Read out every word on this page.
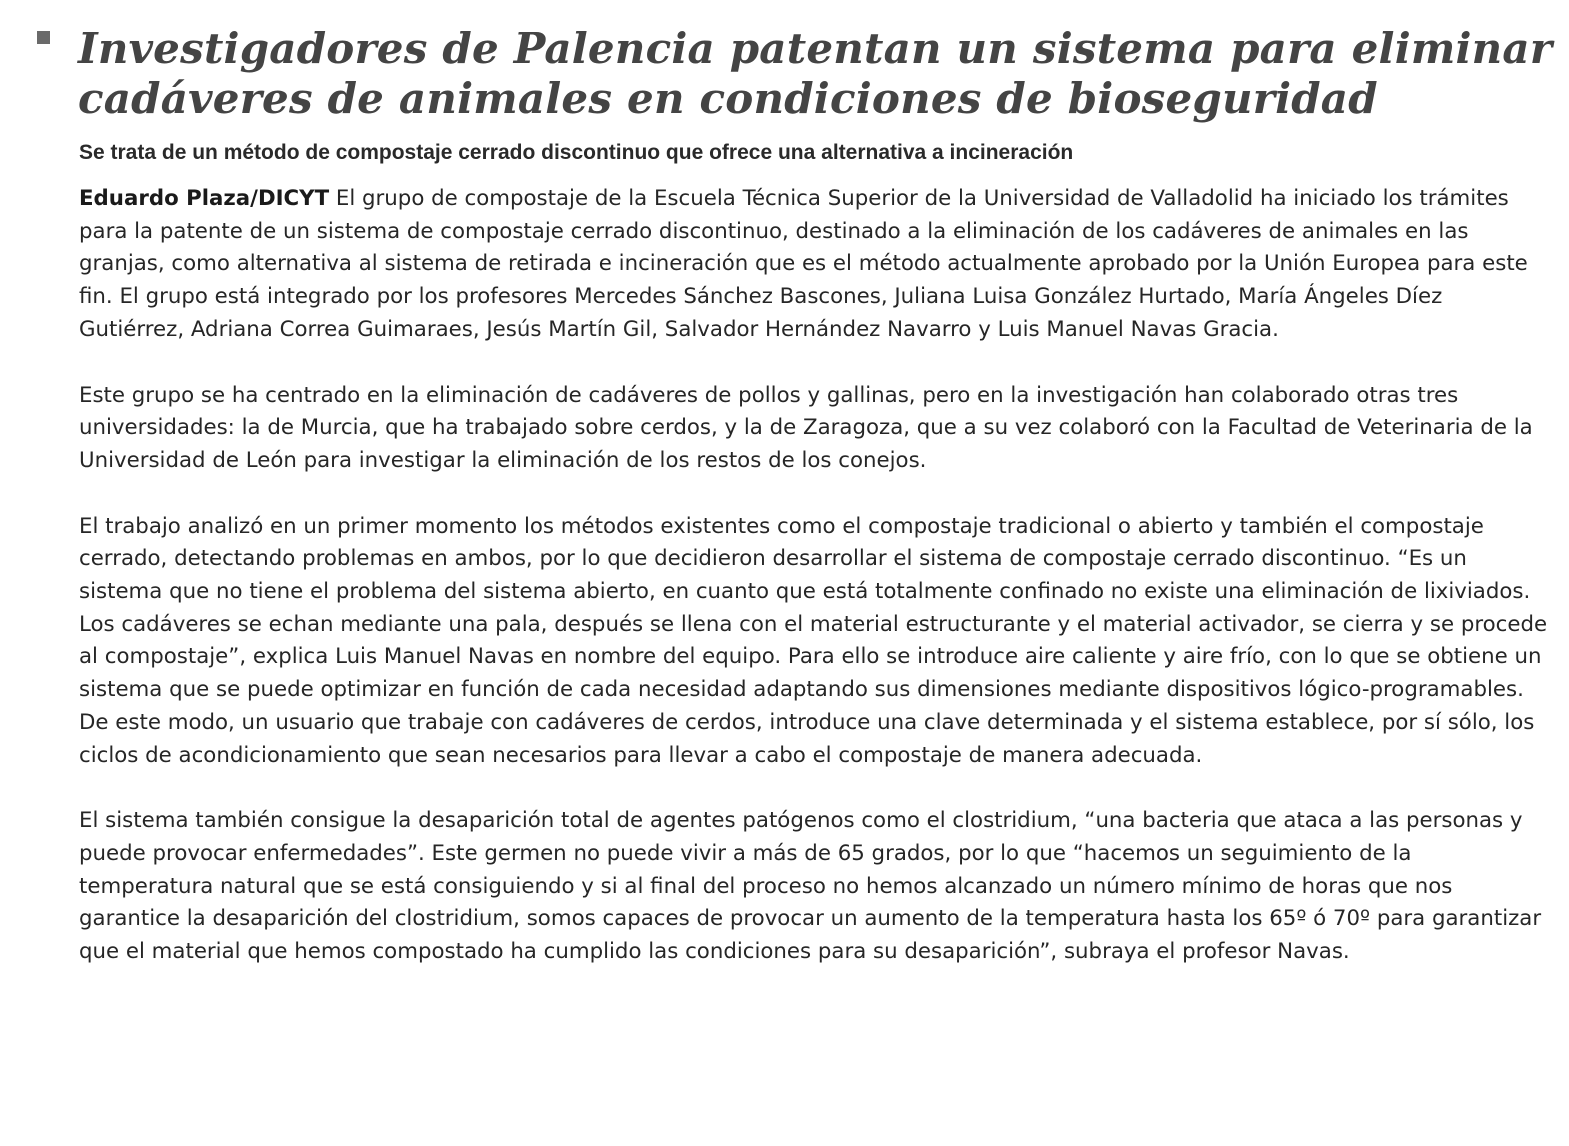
Investigadores de Palencia patentan un sistema para eliminar cadáveres de animales en condiciones de bioseguridad
Se trata de un método de compostaje cerrado discontinuo que ofrece una alternativa a incineración

Eduardo Plaza/DICYT El grupo de compostaje de la Escuela Técnica Superior de la Universidad de Valladolid ha iniciado los trámites para la patente de un sistema de compostaje cerrado discontinuo, destinado a la eliminación de los cadáveres de animales en las granjas, como alternativa al sistema de retirada e incineración que es el método actualmente aprobado por la Unión Europea para este fin. El grupo está integrado por los profesores Mercedes Sánchez Bascones, Juliana Luisa González Hurtado, María Ángeles Díez Gutiérrez, Adriana Correa Guimaraes, Jesús Martín Gil, Salvador Hernández Navarro y Luis Manuel Navas Gracia.

Este grupo se ha centrado en la eliminación de cadáveres de pollos y gallinas, pero en la investigación han colaborado otras tres universidades: la de Murcia, que ha trabajado sobre cerdos, y la de Zaragoza, que a su vez colaboró con la Facultad de Veterinaria de la Universidad de León para investigar la eliminación de los restos de los conejos.

El trabajo analizó en un primer momento los métodos existentes como el compostaje tradicional o abierto y también el compostaje cerrado, detectando problemas en ambos, por lo que decidieron desarrollar el sistema de compostaje cerrado discontinuo. “Es un sistema que no tiene el problema del sistema abierto, en cuanto que está totalmente confinado no existe una eliminación de lixiviados. Los cadáveres se echan mediante una pala, después se llena con el material estructurante y el material activador, se cierra y se procede al compostaje”, explica Luis Manuel Navas en nombre del equipo. Para ello se introduce aire caliente y aire frío, con lo que se obtiene un sistema que se puede optimizar en función de cada necesidad adaptando sus dimensiones mediante dispositivos lógico-programables. De este modo, un usuario que trabaje con cadáveres de cerdos, introduce una clave determinada y el sistema establece, por sí sólo, los ciclos de acondicionamiento que sean necesarios para llevar a cabo el compostaje de manera adecuada.

El sistema también consigue la desaparición total de agentes patógenos como el clostridium, “una bacteria que ataca a las personas y puede provocar enfermedades”. Este germen no puede vivir a más de 65 grados, por lo que “hacemos un seguimiento de la temperatura natural que se está consiguiendo y si al final del proceso no hemos alcanzado un número mínimo de horas que nos garantice la desaparición del clostridium, somos capaces de provocar un aumento de la temperatura hasta los 65º ó 70º para garantizar que el material que hemos compostado ha cumplido las condiciones para su desaparición”, subraya el profesor Navas.
